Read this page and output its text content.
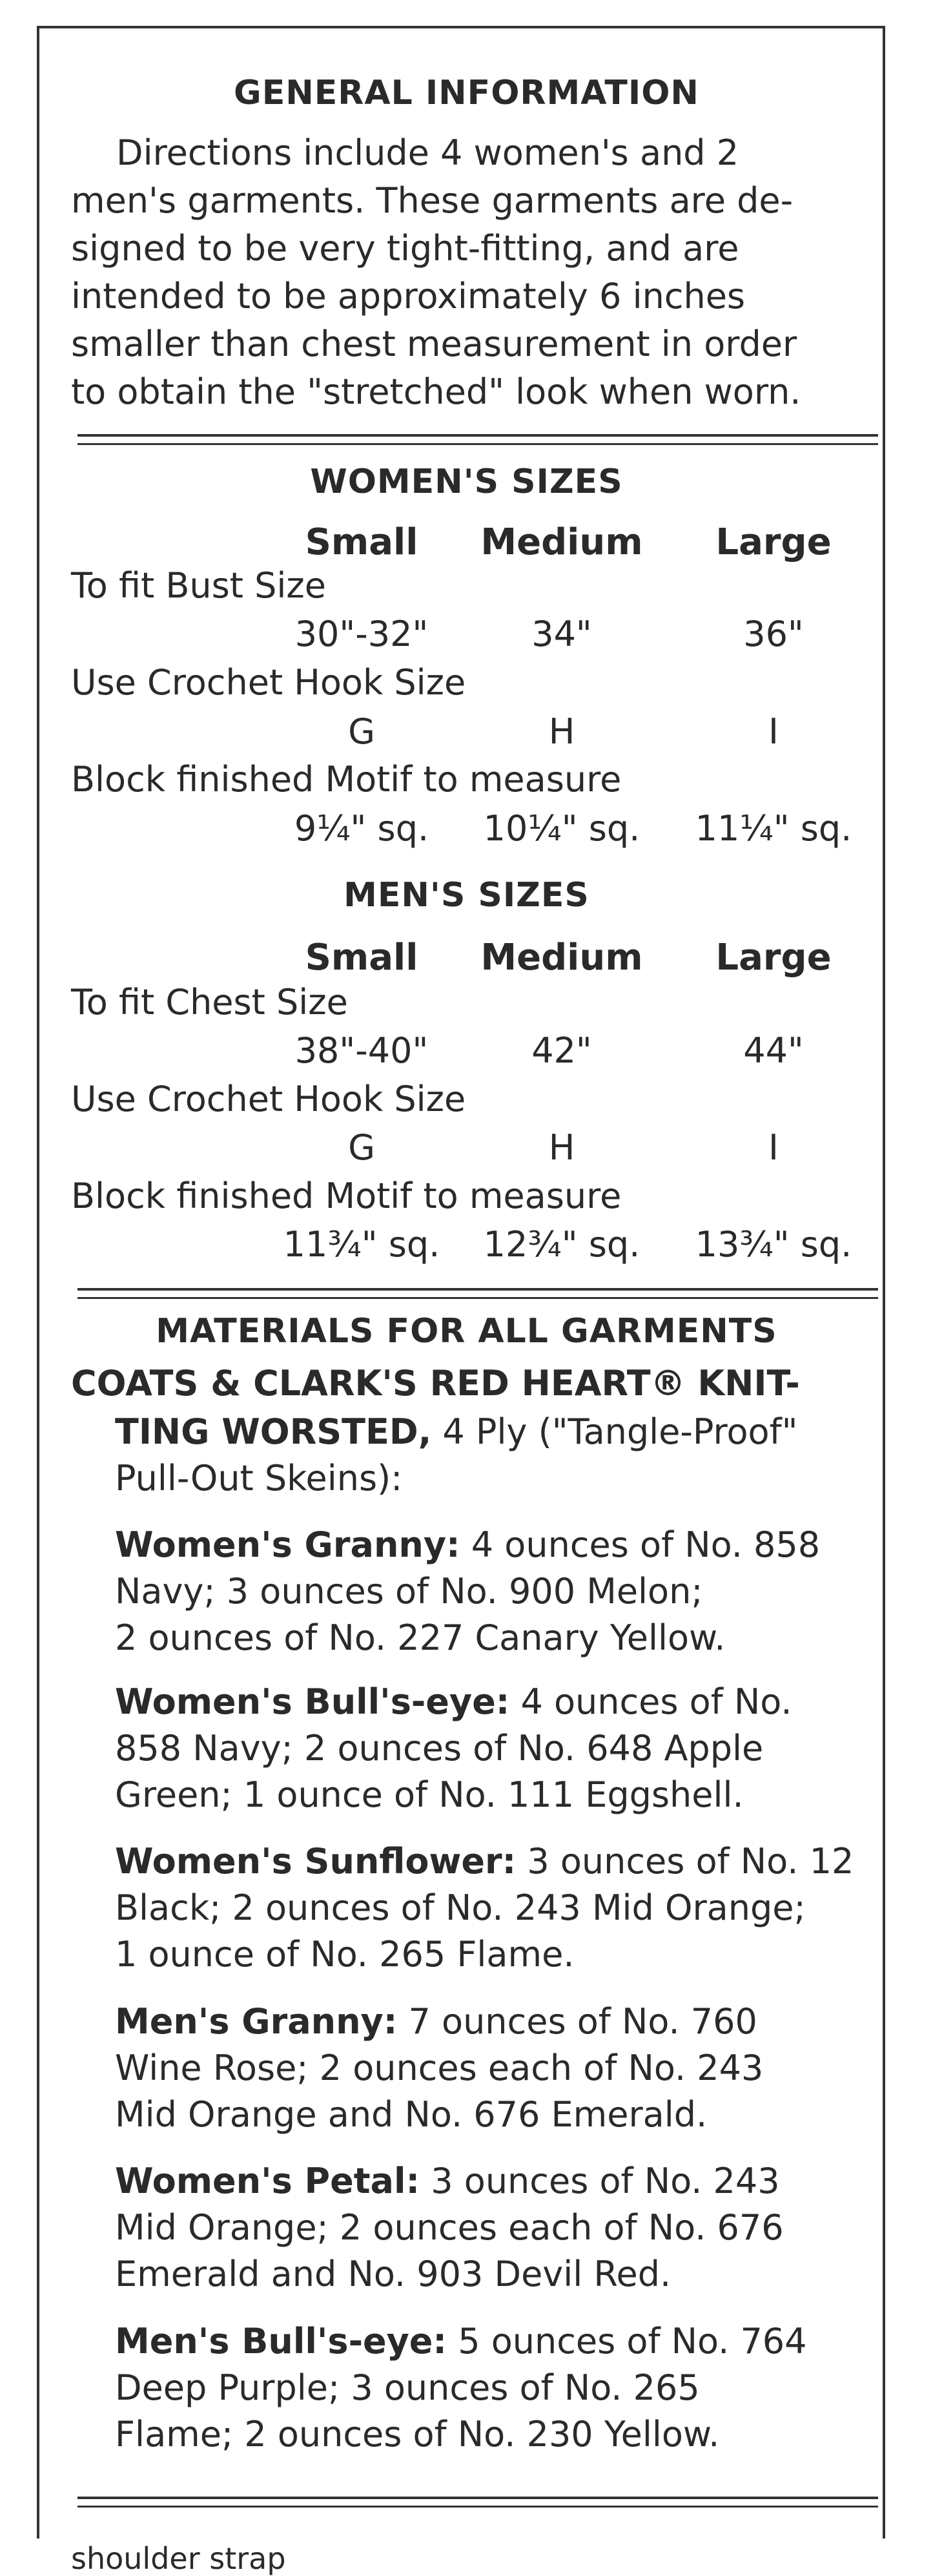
GENERAL INFORMATION
Directions include 4 women's and 2
men's garments. These garments are de-
signed to be very tight-fitting, and are
intended to be approximately 6 inches
smaller than chest measurement in order
to obtain the "stretched" look when worn.
WOMEN'S SIZES
Small	Medium	Large
To fit Bust Size
30"-32"	34"	36"
Use Crochet Hook Size
G	H	I
Block finished Motif to measure
9¼" sq.	10¼" sq.	11¼" sq.
MEN'S SIZES
Small	Medium	Large
To fit Chest Size
38"-40"	42"	44"
Use Crochet Hook Size
G	H	I
Block finished Motif to measure
11¾" sq.	12¾" sq.	13¾" sq.
MATERIALS FOR ALL GARMENTS
COATS & CLARK'S RED HEART® KNIT-
TING WORSTED, 4 Ply ("Tangle-Proof"
Pull-Out Skeins):
Women's Granny: 4 ounces of No. 858
Navy; 3 ounces of No. 900 Melon;
2 ounces of No. 227 Canary Yellow.
Women's Bull's-eye: 4 ounces of No.
858 Navy; 2 ounces of No. 648 Apple
Green; 1 ounce of No. 111 Eggshell.
Women's Sunflower: 3 ounces of No. 12
Black; 2 ounces of No. 243 Mid Orange;
1 ounce of No. 265 Flame.
Men's Granny: 7 ounces of No. 760
Wine Rose; 2 ounces each of No. 243
Mid Orange and No. 676 Emerald.
Women's Petal: 3 ounces of No. 243
Mid Orange; 2 ounces each of No. 676
Emerald and No. 903 Devil Red.
Men's Bull's-eye: 5 ounces of No. 764
Deep Purple; 3 ounces of No. 265
Flame; 2 ounces of No. 230 Yellow.
shoulder strap
